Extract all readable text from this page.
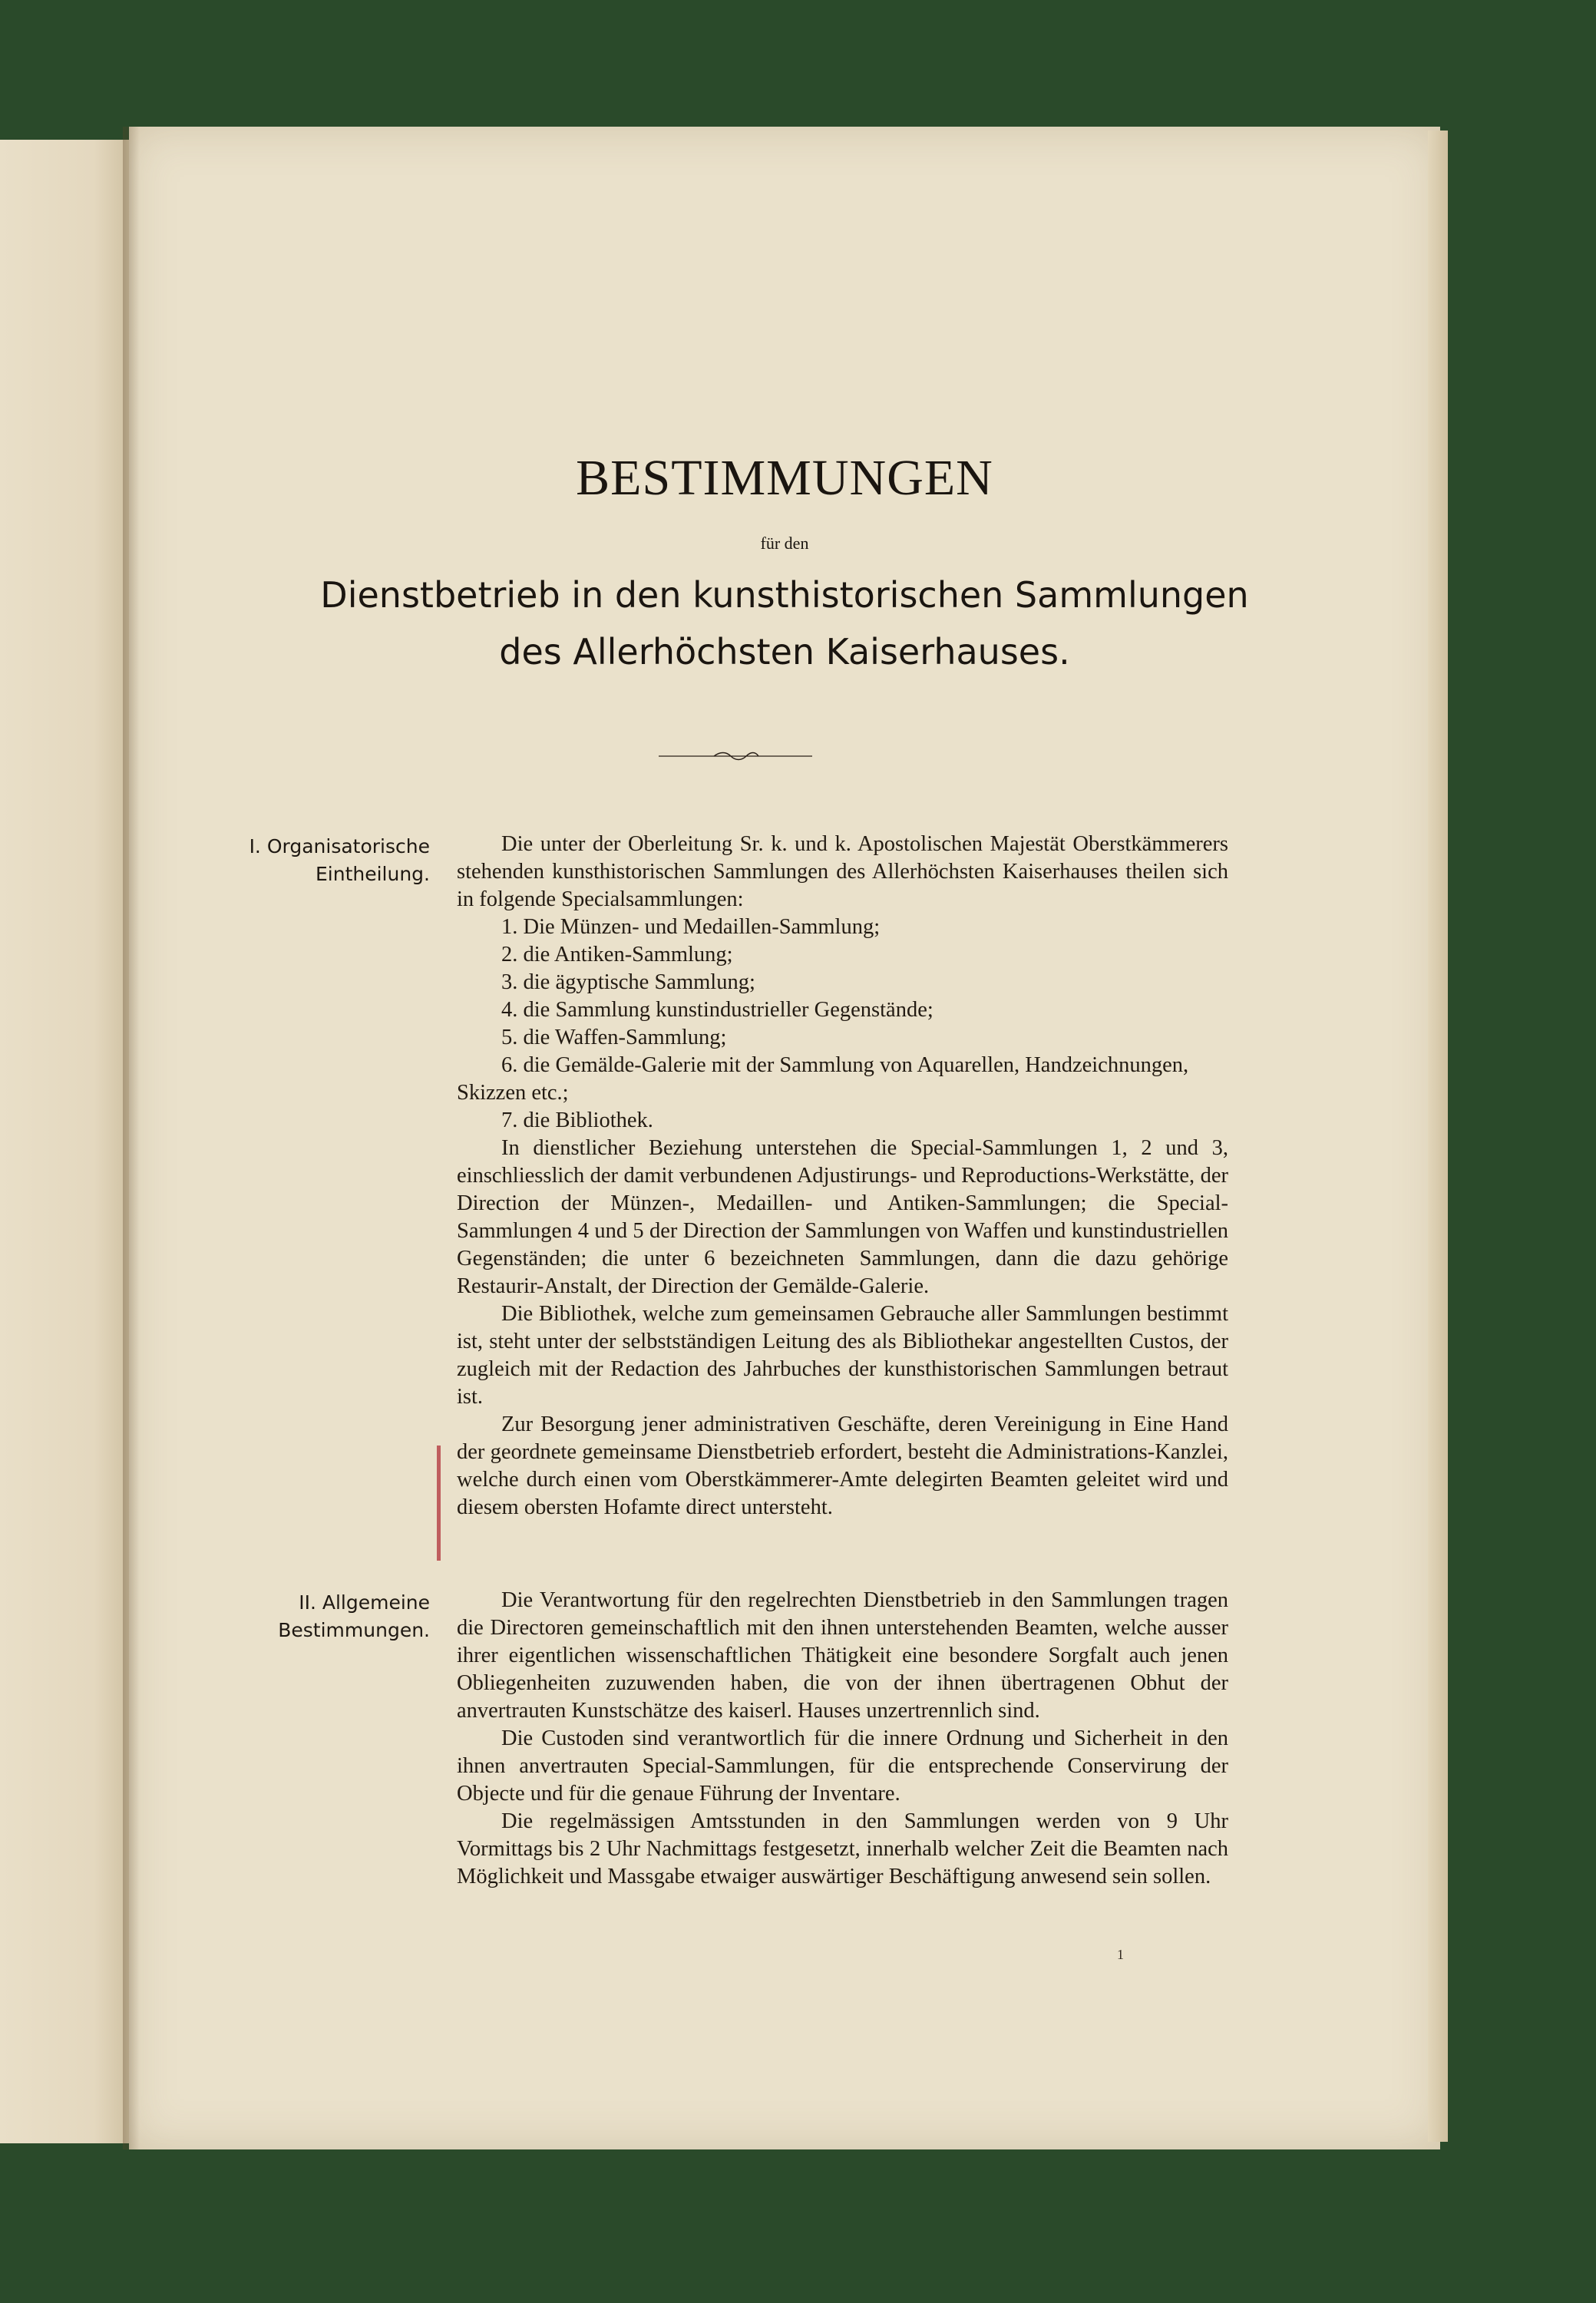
BESTIMMUNGEN
für den
Dienstbetrieb in den kunsthistorischen Sammlungen
des Allerhöchsten Kaiserhauses.
I. Organisatorische
Eintheilung.

Die unter der Oberleitung Sr. k. und k. Apostolischen Majestät Oberstkämmerers stehenden kunsthistorischen Sammlungen des Allerhöchsten Kaiserhauses theilen sich in folgende Specialsammlungen:

1. Die Münzen- und Medaillen-Sammlung;

2. die Antiken-Sammlung;

3. die ägyptische Sammlung;

4. die Sammlung kunstindustrieller Gegenstände;

5. die Waffen-Sammlung;

6. die Gemälde-Galerie mit der Sammlung von Aquarellen, Handzeichnungen, Skizzen etc.;

7. die Bibliothek.

In dienstlicher Beziehung unterstehen die Special-Sammlungen 1, 2 und 3, einschliesslich der damit verbundenen Adjustirungs- und Reproductions-Werkstätte, der Direction der Münzen-, Medaillen- und Antiken-Sammlungen; die Special-Sammlungen 4 und 5 der Direction der Sammlungen von Waffen und kunstindustriellen Gegenständen; die unter 6 bezeichneten Sammlungen, dann die dazu gehörige Restaurir-Anstalt, der Direction der Gemälde-Galerie.

Die Bibliothek, welche zum gemeinsamen Gebrauche aller Sammlungen bestimmt ist, steht unter der selbstständigen Leitung des als Bibliothekar angestellten Custos, der zugleich mit der Redaction des Jahrbuches der kunsthistorischen Sammlungen betraut ist.

Zur Besorgung jener administrativen Geschäfte, deren Vereinigung in Eine Hand der geordnete gemeinsame Dienstbetrieb erfordert, besteht die Administrations-Kanzlei, welche durch einen vom Oberstkämmerer-Amte delegirten Beamten geleitet wird und diesem obersten Hofamte direct untersteht.

II. Allgemeine
Bestimmungen.

Die Verantwortung für den regelrechten Dienstbetrieb in den Sammlungen tragen die Directoren gemeinschaftlich mit den ihnen unterstehenden Beamten, welche ausser ihrer eigentlichen wissenschaftlichen Thätigkeit eine besondere Sorgfalt auch jenen Obliegenheiten zuzuwenden haben, die von der ihnen übertragenen Obhut der anvertrauten Kunstschätze des kaiserl. Hauses unzertrennlich sind.

Die Custoden sind verantwortlich für die innere Ordnung und Sicherheit in den ihnen anvertrauten Special-Sammlungen, für die entsprechende Conservirung der Objecte und für die genaue Führung der Inventare.

Die regelmässigen Amtsstunden in den Sammlungen werden von 9 Uhr Vormittags bis 2 Uhr Nachmittags festgesetzt, innerhalb welcher Zeit die Beamten nach Möglichkeit und Massgabe etwaiger auswärtiger Beschäftigung anwesend sein sollen.

1
